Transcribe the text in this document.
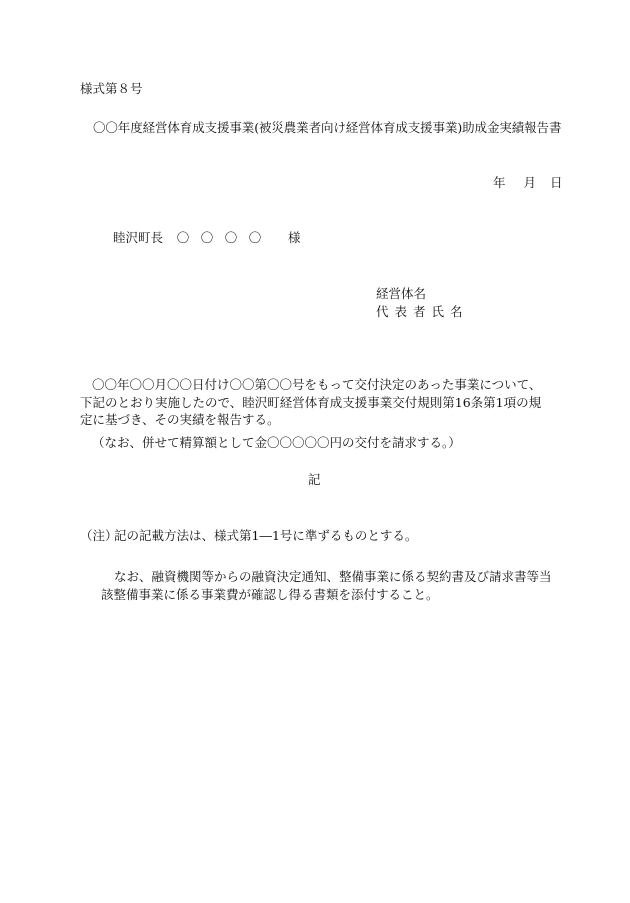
様式第８号
〇〇年度経営体育成支援事業(被災農業者向け経営体育成支援事業)助成金実績報告書
年 月 日
睦沢町長 〇 〇 〇 〇 様
経営体名
代表者氏名
〇〇年〇〇月〇〇日付け〇〇第〇〇号をもって交付決定のあった事業について、下記のとおり実施したので、睦沢町経営体育成支援事業交付規則第16条第1項の規定に基づき、その実績を報告する。
（なお、併せて精算額として金〇〇〇〇〇円の交付を請求する。）
記
（注）
記の記載方法は、様式第1―1号に準ずるものとする。
なお、融資機関等からの融資決定通知、整備事業に係る契約書及び請求書等当該整備事業に係る事業費が確認し得る書類を添付すること。
